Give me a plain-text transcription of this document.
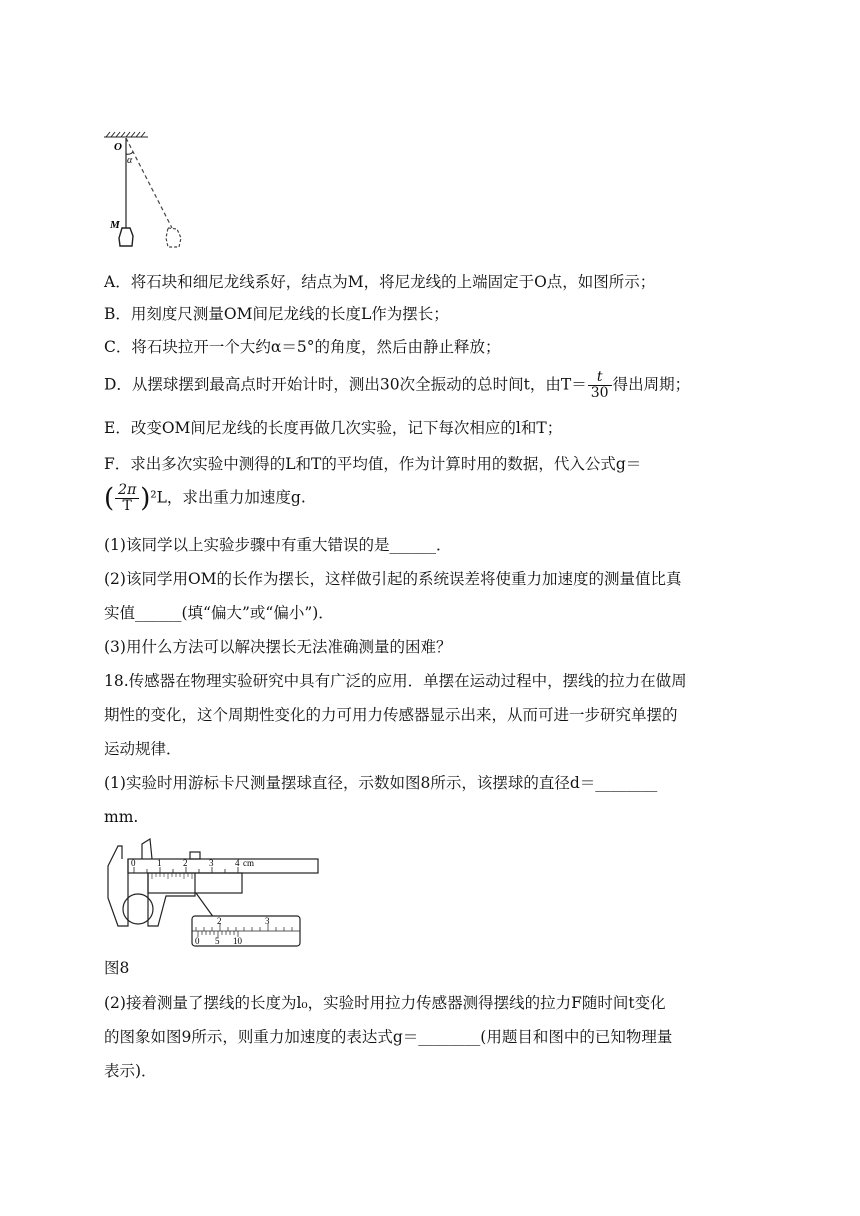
O
α
M
A．将石块和细尼龙线系好，结点为M，将尼龙线的上端固定于O点，如图所示；
B．用刻度尺测量OM间尼龙线的长度L作为摆长；
C．将石块拉开一个大约α＝5°的角度，然后由静止释放；
D．从摆球摆到最高点时开始计时，测出30次全振动的总时间t，由$T= \frac{t}{30}$ 得出周期；
E．改变OM间尼龙线的长度再做几次实验，记下每次相应的l和T；
F．求出多次实验中测得的L和T的平均值，作为计算时用的数据，代入公式g＝
( $\frac{2\pi}{T} )^2L$，求出重力加速度g.
(1)该同学以上实验步骤中有重大错误的是______．
(2)该同学用OM的长作为摆长，这样做引起的系统误差将使重力加速度的测量值比真
实值______(填“偏大”或“偏小”)．
(3)用什么方法可以解决摆长无法准确测量的困难？
18.传感器在物理实验研究中具有广泛的应用．单摆在运动过程中，摆线的拉力在做周
期性的变化，这个周期性变化的力可用力传感器显示出来，从而可进一步研究单摆的
运动规律．
(1)实验时用游标卡尺测量摆球直径，示数如图8所示，该摆球的直径d＝________
mm.
0 1 2 3 4 cm
2	3
0 5 10
图8
(2)接着测量了摆线的长度为l₀，实验时用拉力传感器测得摆线的拉力F随时间t变化
的图象如图9所示，则重力加速度的表达式g＝________(用题目和图中的已知物理量
表示)．
